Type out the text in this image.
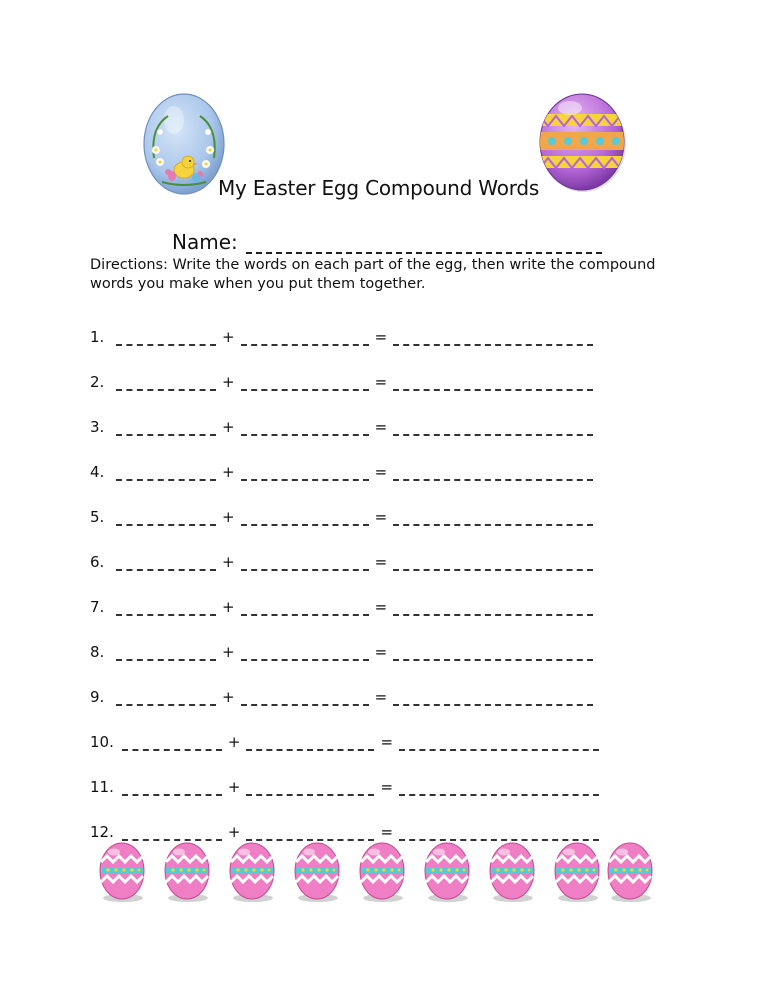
My Easter Egg Compound Words
Name:
Directions: Write the words on each part of the egg, then write the compound words you make when you put them together.
1.	+	=
2.	+	=
3.	+	=
4.	+	=
5.	+	=
6.	+	=
7.	+	=
8.	+	=
9.	+	=
10.	+	=
11.	+	=
12.	+	=
